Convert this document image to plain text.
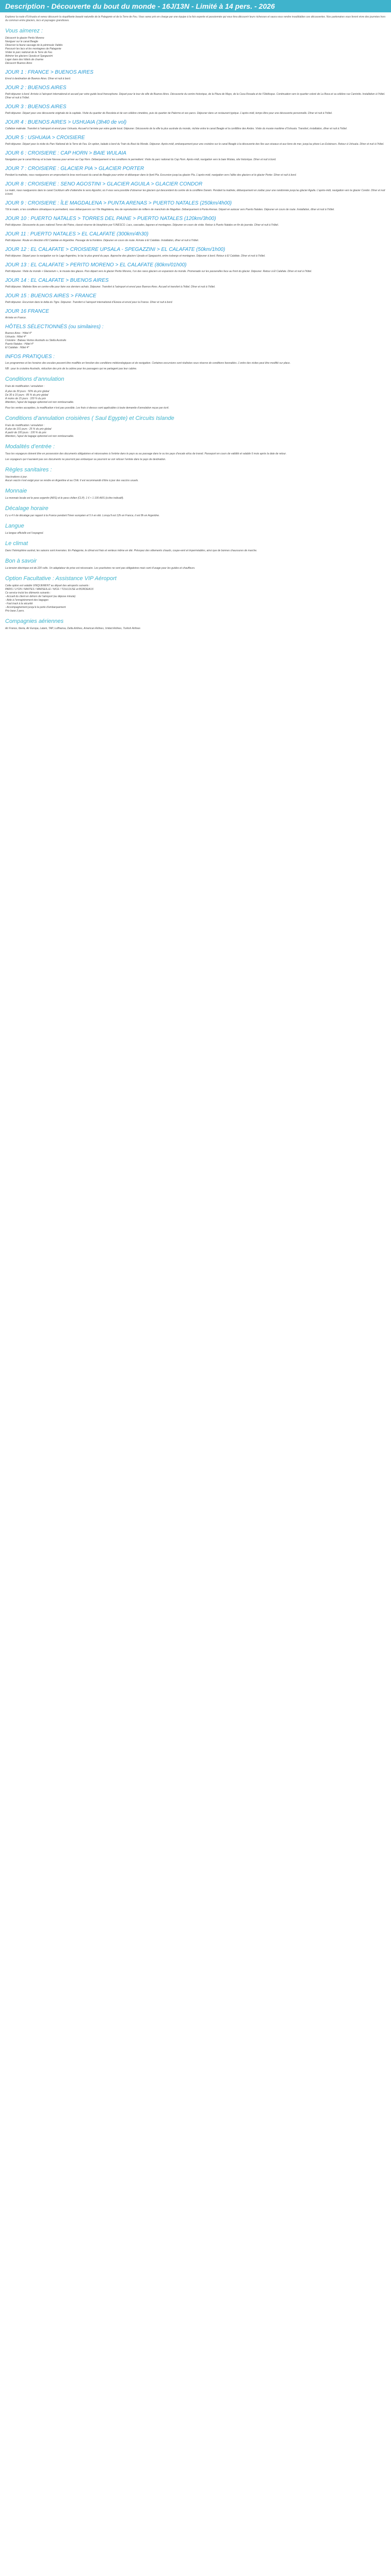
Description - Découverte du bout du monde - 16J/13N - Limité à 14 pers. - 2026
Explorez la route d’Ushuaïa et venez découvrir la stupéfiante beauté naturelle de la Patagonie et de la Terre de Feu. Vous serez pris en charge par une équipe à la fois experte et passionnée qui vous fera découvrir leurs richesses et saura vous rendre inoubliables ces découvertes. Nos partenaires vous feront vivre des journées hors du commun entre glaciers, lacs et paysages grandioses.
Vous aimerez :
Découvrir le glacier Perito Moreno
Naviguer sur le canal Beagle
Observer la faune sauvage de la péninsule Valdés
Parcourir les lacs et les montagnes de Patagonie
Visiter le parc national de la Terre de Feu
Admirer les glaciers Upsala et Spegazzini
Loger dans des hôtels de charme
Découvrir Buenos Aires
JOUR 1 : FRANCE > BUENOS AIRES
Envol à destination de Buenos Aires. Dîner et nuit à bord.
JOUR 2 : BUENOS AIRES
Petit déjeuner à bord. Arrivée à l’aéroport international et accueil par votre guide local francophone. Départ pour le tour de ville de Buenos Aires. Découverte du centre historique, de la Plaza de Mayo, de la Casa Rosada et de l’Obélisque. Continuation vers le quartier coloré de La Boca et sa célèbre rue Caminito. Installation à l’hôtel. Dîner et nuit à l’hôtel.
JOUR 3 : BUENOS AIRES
Petit déjeuner. Départ pour une découverte originale de la capitale. Visite du quartier de Recoleta et de son célèbre cimetière, puis du quartier de Palermo et ses parcs. Déjeuner dans un restaurant typique. L’après-midi, temps libre pour une découverte personnelle. Dîner et nuit à l’hôtel.
JOUR 4 : BUENOS AIRES > USHUAIA (3h40 de vol)
Collation matinale. Transfert à l’aéroport et envol pour Ushuaïa. Accueil à l’arrivée par votre guide local. Déjeuner. Découverte de la ville la plus australe du monde, nichée entre le canal Beagle et la cordillère des Andes. Visite du musée maritime d’Ushuaïa. Transfert, installation, dîner et nuit à l’hôtel.
JOUR 5 : USHUAIA > CROISIERE
Petit déjeuner. Départ pour la visite du Parc National de la Terre de Feu. En option, balade à bord du Train du Bout du Monde. Déjeuner. Après-midi, embarquement pour une croisière sur le canal Beagle à la découverte des îles aux oiseaux et aux lions de mer, jusqu’au phare Les Eclaireurs. Retour à Ushuaïa. Dîner et nuit à l’hôtel.
JOUR 6 : CROISIERE : CAP HORN > BAIE WULAIA
Navigation par le canal Murray et la baie Nassau pour arriver au Cap Horn. Débarquement si les conditions le permettent. Visite du parc national du Cap Horn. Après-midi, navigation vers la baie Wulaia, site historique. Dîner et nuit à bord.
JOUR 7 : CROISIERE : GLACIER PIA > GLACIER PORTER
Pendant la matinée, nous naviguerons en empruntant le bras nord-ouest du canal de Beagle pour entrer et débarquer dans le fjord Pía. Excursion jusqu’au glacier Pía. L’après-midi, navigation vers l’allée des glaciers et le glacier Porter. Dîner et nuit à bord.
JOUR 8 : CROISIERE : SENO AGOSTINI > GLACIER AGUILA > GLACIER CONDOR
Le matin, nous naviguerons dans le canal Cockburn afin d’atteindre le seno Agostini, où il vous sera possible d’observer les glaciers qui descendent du centre de la cordillère Darwin. Pendant la matinée, débarquement en zodiac pour une randonnée jusqu’au glacier Aguila. L’après-midi, navigation vers le glacier Condor. Dîner et nuit à bord.
JOUR 9 : CROISIERE : ÎLE MAGDALENA > PUNTA ARENAS > PUERTO NATALES (250km/4h00)
Tôt le matin, si les conditions climatiques le permettent, nous débarquerons sur l’île Magdalena, lieu de reproduction de milliers de manchots de Magellan. Débarquement à Punta Arenas. Départ en autocar vers Puerto Natales. Déjeuner en cours de route. Installation, dîner et nuit à l’hôtel.
JOUR 10 : PUERTO NATALES > TORRES DEL PAINE > PUERTO NATALES (120km/3h00)
Petit déjeuner. Découverte du parc national Torres del Paine, classé réserve de biosphère par l’UNESCO. Lacs, cascades, lagunes et montagnes. Déjeuner en cours de visite. Retour à Puerto Natales en fin de journée. Dîner et nuit à l’hôtel.
JOUR 11 : PUERTO NATALES > EL CALAFATE (300km/4h30)
Petit déjeuner. Route en direction d’El Calafate en Argentine. Passage de la frontière. Déjeuner en cours de route. Arrivée à El Calafate. Installation, dîner et nuit à l’hôtel.
JOUR 12 : EL CALAFATE > CROISIERE UPSALA - SPEGAZZINI > EL CALAFATE (50km/1h00)
Petit déjeuner. Départ pour la navigation sur le Lago Argentino, le lac le plus grand du pays. Approche des glaciers Upsala et Spegazzini, entre icebergs et montagnes. Déjeuner à bord. Retour à El Calafate. Dîner et nuit à l’hôtel.
JOUR 13 : EL CALAFATE > PERITO MORENO > EL CALAFATE (80km/01h00)
Petit déjeuner. Visite du monde « Glaciarium », le musée des glaces. Puis départ vers le glacier Perito Moreno, l’un des rares glaciers en expansion du monde. Promenade sur les passerelles face au front du glacier. Déjeuner. Retour à El Calafate. Dîner et nuit à l’hôtel.
JOUR 14 : EL CALAFATE > BUENOS AIRES
Petit déjeuner. Matinée libre en centre-ville pour faire vos derniers achats. Déjeuner. Transfert à l’aéroport et envol pour Buenos Aires. Accueil et transfert à l’hôtel. Dîner et nuit à l’hôtel.
JOUR 15 : BUENOS AIRES > FRANCE
Petit déjeuner. Excursion dans le delta du Tigre. Déjeuner. Transfert à l’aéroport international d’Ezeiza et envol pour la France. Dîner et nuit à bord.
JOUR 16 FRANCE
Arrivée en France.
HÔTELS SÉLECTIONNÉS (ou similaires) :
Buenos Aires : Hôtel 4*
Ushuaïa : Hôtel 4*
Croisière : Bateau Ventus Australis ou Stella Australis
Puerto Natales : Hôtel 4*
El Calafate : Hôtel 4*
INFOS PRATIQUES :
Les programmes et les horaires des escales peuvent être modifiés en fonction des conditions météorologiques et de navigation. Certaines excursions sont réalisées sous réserve de conditions favorables. L’ordre des visites peut être modifié sur place.
NB : pour le croisière Australis, réduction des prix de la cabine pour les passagers qui ne partagent pas leur cabine.
Conditions d’annulation
Frais de modification / annulation :
À plus de 30 jours : 50% du prix global
De 30 à 15 jours : 85 % du prix global
À moins de 15 jours : 100 % du prix
Attention, l’ajout de bagage optionnel est non remboursable.
Pour les ventes acceptées, la modification n’est pas possible. Les frais ci-dessus sont applicables à toute demande d’annulation reçue par écrit.
Conditions d’annulation croisières ( Saul Egypte) et Circuits Islande
Frais de modification / annulation :
À plus de 101 jours : 25 % du prix global
À partir de 100 jours : 100 % du prix
Attention, l’ajout de bagage optionnel est non remboursable.
Modalités d’entrée :
Tous les voyageurs doivent être en possession des documents obligatoires et nécessaires à l’entrée dans le pays ou au passage dans le ou les pays d’escale et/ou de transit. Passeport en cours de validité et valable 6 mois après la date de retour.
Les voyageurs qui n’auraient pas ces documents ne pourront pas embarquer ou pourront se voir refuser l’entrée dans le pays de destination.
Règles sanitaires :
Vaccinations à jour.
Aucun vaccin n’est exigé pour se rendre en Argentine et au Chili. Il est recommandé d’être à jour des vaccins usuels.
Monnaie
La monnaie locale est le peso argentin (ARS) et le peso chilien (CLP). 1 € ≈ 1 100 ARS (à titre indicatif).
Décalage horaire
Il y a 4 h de décalage par rapport à la France pendant l’hiver européen et 5 h en été. Lorsqu’il est 12h en France, il est 8h en Argentine.
Langue
La langue officielle est l’espagnol.
Le climat
Dans l’hémisphère austral, les saisons sont inversées. En Patagonie, le climat est frais et venteux même en été. Prévoyez des vêtements chauds, coupe-vent et imperméables, ainsi que de bonnes chaussures de marche.
Bon à savoir
La tension électrique est de 220 volts. Un adaptateur de prise est nécessaire. Les pourboires ne sont pas obligatoires mais sont d’usage pour les guides et chauffeurs.
Option Facultative : Assistance VIP Aéroport
Cette option est valable UNIQUEMENT au départ des aéroports suivants :
PARIS / LYON / NANTES / MARSEILLE / NICE / TOULOUSE et BORDEAUX
Ce service inclut les éléments suivants :
- Accueil du client en dehors de l’aéroport (au dépose minute)
- Aide à l’enregistrement des bagages
- Fast track à la sécurité
- Accompagnement jusqu’à la porte d’embarquement
Prix base 2 pers.
Compagnies aériennes
Air France, Iberia, Air Europa, Latam, TAP, Lufthansa, Delta Airlines, American Airlines, United Airlines, Turkish Airlines
